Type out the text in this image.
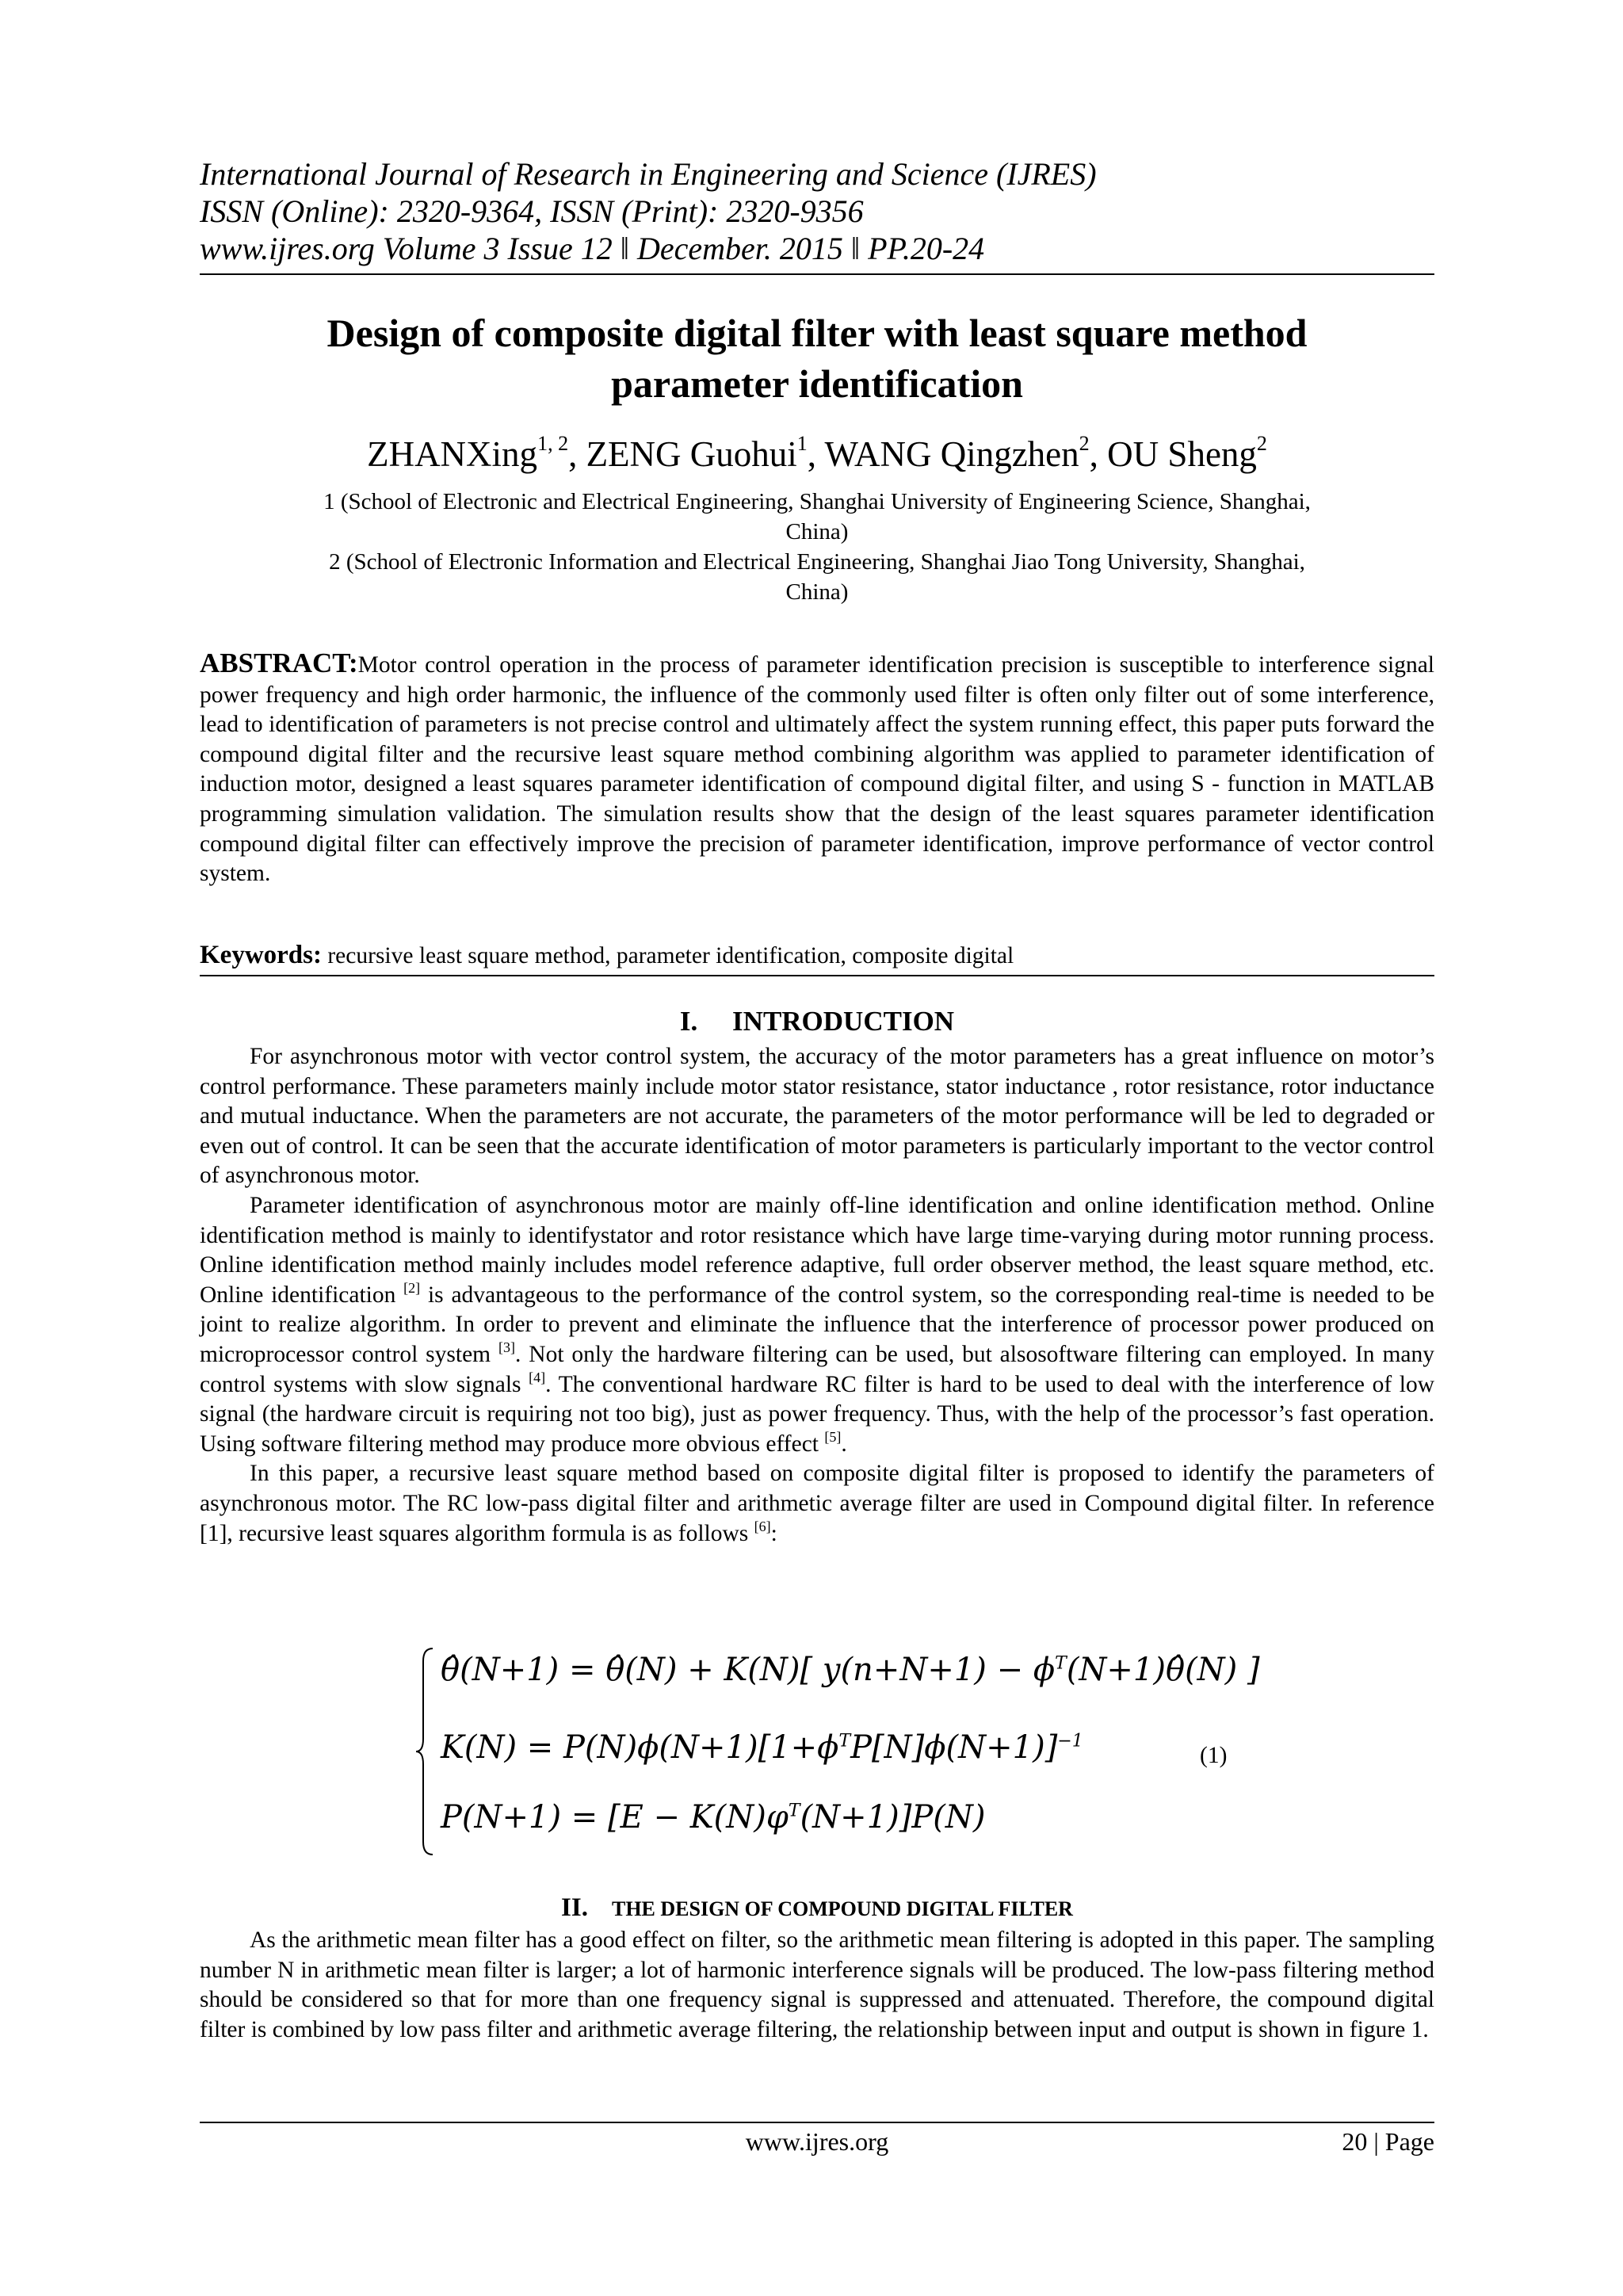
International Journal of Research in Engineering and Science (IJRES)
ISSN (Online): 2320-9364, ISSN (Print): 2320-9356
www.ijres.org Volume 3 Issue 12 ǁ December. 2015 ǁ PP.20-24
Design of composite digital filter with least square method
parameter identification
ZHANXing$^{1, 2}$, ZENG Guohui$^1$, WANG Qingzhen$^2$, OU Sheng$^2$
1 (School of Electronic and Electrical Engineering, Shanghai University of Engineering Science, Shanghai,
China)
2 (School of Electronic Information and Electrical Engineering, Shanghai Jiao Tong University, Shanghai,
China)
ABSTRACT:Motor control operation in the process of parameter identification precision is susceptible to interference signal power frequency and high order harmonic, the influence of the commonly used filter is often only filter out of some interference, lead to identification of parameters is not precise control and ultimately affect the system running effect, this paper puts forward the compound digital filter and the recursive least square method combining algorithm was applied to parameter identification of induction motor, designed a least squares parameter identification of compound digital filter, and using S - function in MATLAB programming simulation validation. The simulation results show that the design of the least squares parameter identification compound digital filter can effectively improve the precision of parameter identification, improve performance of vector control system.
Keywords: recursive least square method, parameter identification, composite digital
I.     INTRODUCTION

For asynchronous motor with vector control system, the accuracy of the motor parameters has a great influence on motor’s control performance. These parameters mainly include motor stator resistance, stator inductance , rotor resistance, rotor inductance and mutual inductance. When the parameters are not accurate, the parameters of the motor performance will be led to degraded or even out of control. It can be seen that the accurate identification of motor parameters is particularly important to the vector control of asynchronous motor.

Parameter identification of asynchronous motor are mainly off-line identification and online identification method. Online identification method is mainly to identifystator and rotor resistance which have large time-varying during motor running process. Online identification method mainly includes model reference adaptive, full order observer method, the least square method, etc. Online identification [2] is advantageous to the performance of the control system, so the corresponding real-time is needed to be joint to realize algorithm. In order to prevent and eliminate the influence that the interference of processor power produced on microprocessor control system [3]. Not only the hardware filtering can be used, but alsosoftware filtering can employed. In many control systems with slow signals [4]. The conventional hardware RC filter is hard to be used to deal with the interference of low signal (the hardware circuit is requiring not too big), just as power frequency. Thus, with the help of the processor’s fast operation. Using software filtering method may produce more obvious effect [5].

In this paper, a recursive least square method based on composite digital filter is proposed to identify the parameters of asynchronous motor. The RC low-pass digital filter and arithmetic average filter are used in Compound digital filter. In reference [1], recursive least squares algorithm formula is as follows [6]:

θ̂(N+1) = θ̂(N) + K(N)[ $y(n+N+1) - \phi^T(N+1)\thetâ(N)$ ]
$K(N) = P(N)\phi(N+1)[1+\phi^TP[N]\phi(N+1)]^{-1}$
$P(N+1) = [E - K(N)\varphi^T(N+1)]P(N)$
(1)
II. THE DESIGN OF COMPOUND DIGITAL FILTER

As the arithmetic mean filter has a good effect on filter, so the arithmetic mean filtering is adopted in this paper. The sampling number N in arithmetic mean filter is larger; a lot of harmonic interference signals will be produced. The low-pass filtering method should be considered so that for more than one frequency signal is suppressed and attenuated. Therefore, the compound digital filter is combined by low pass filter and arithmetic average filtering, the relationship between input and output is shown in figure 1.

www.ijres.org	20 | Page
